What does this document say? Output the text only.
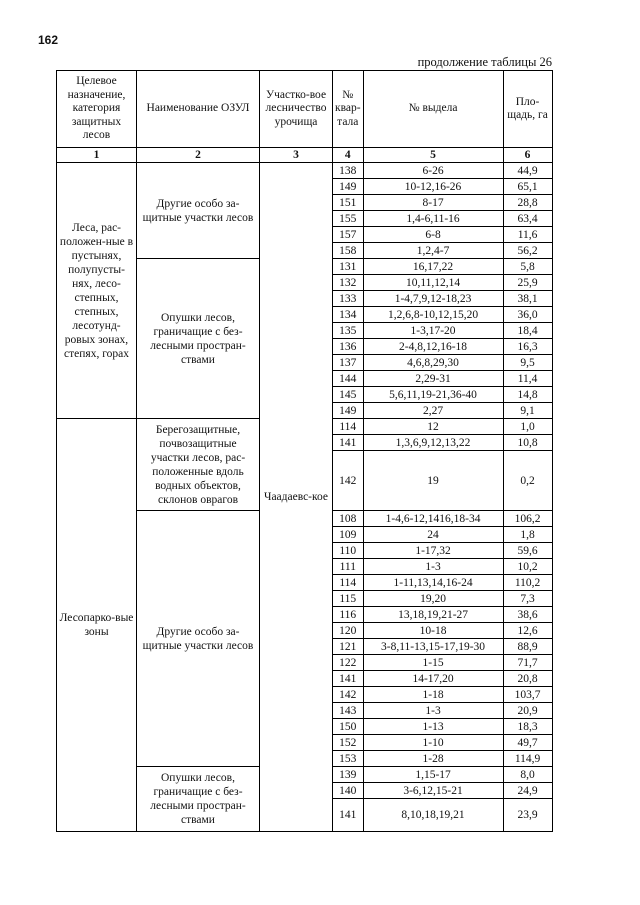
162
продолжение таблицы 26
Целевое назначение, категория защитных лесов	Наименование ОЗУЛ	Участко-вое лесничество урочища	№ квар-тала	№ выдела	Пло-щадь, га
1	2	3	4	5	6
Леса, рас-положен-ные в пустынях, полупусты-нях, лесо-степных, степных, лесотунд-ровых зонах, степях, горах	Другие особо за-щитные участки лесов	Чаадаевс-кое	138	6-26	44,9
			149	10-12,16-26	65,1
			151	8-17	28,8
			155	1,4-6,11-16	63,4
			157	6-8	11,6
			158	1,2,4-7	56,2
	Опушки лесов, граничащие с без-лесными простран-ствами		131	16,17,22	5,8
			132	10,11,12,14	25,9
			133	1-4,7,9,12-18,23	38,1
			134	1,2,6,8-10,12,15,20	36,0
			135	1-3,17-20	18,4
			136	2-4,8,12,16-18	16,3
			137	4,6,8,29,30	9,5
			144	2,29-31	11,4
			145	5,6,11,19-21,36-40	14,8
			149	2,27	9,1
Лесопарко-вые зоны	Берегозащитные, почвозащитные участки лесов, рас-положенные вдоль водных объектов, склонов оврагов		114	12	1,0
			141	1,3,6,9,12,13,22	10,8
			142	19	0,2
	Другие особо за-щитные участки лесов		108	1-4,6-12,1416,18-34	106,2
			109	24	1,8
			110	1-17,32	59,6
			111	1-3	10,2
			114	1-11,13,14,16-24	110,2
			115	19,20	7,3
			116	13,18,19,21-27	38,6
			120	10-18	12,6
			121	3-8,11-13,15-17,19-30	88,9
			122	1-15	71,7
			141	14-17,20	20,8
			142	1-18	103,7
			143	1-3	20,9
			150	1-13	18,3
			152	1-10	49,7
			153	1-28	114,9
	Опушки лесов, граничащие с без-лесными простран-ствами		139	1,15-17	8,0
			140	3-6,12,15-21	24,9
			141	8,10,18,19,21	23,9
